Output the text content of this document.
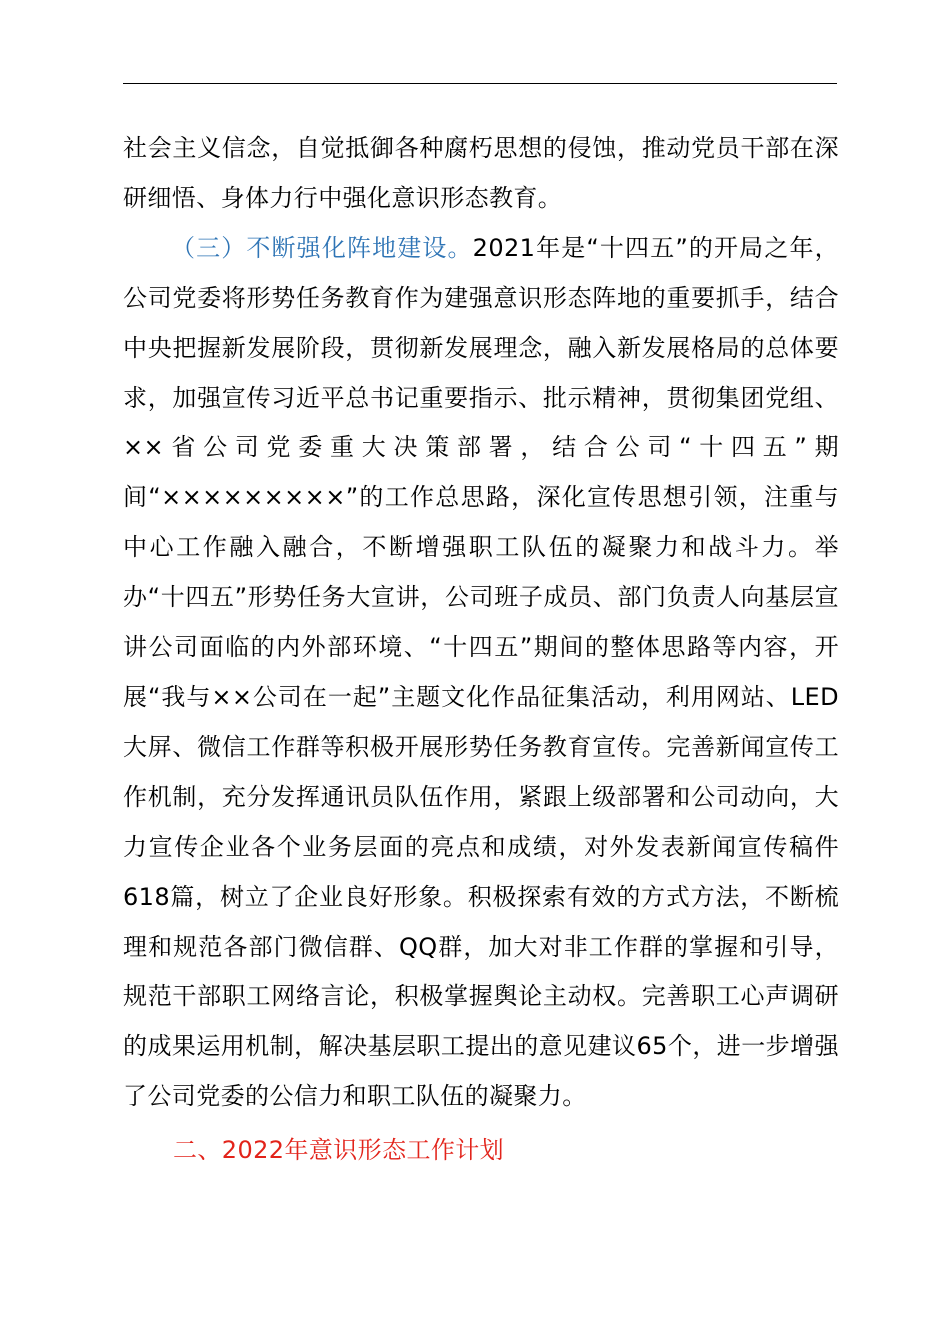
社会主义信念，自觉抵御各种腐朽思想的侵蚀，推动党员干部在深研细悟、身体力行中强化意识形态教育。

（三）不断强化阵地建设。2021年是“十四五”的开局之年，公司党委将形势任务教育作为建强意识形态阵地的重要抓手，结合中央把握新发展阶段，贯彻新发展理念，融入新发展格局的总体要求，加强宣传习近平总书记重要指示、批示精神，贯彻集团党组、××省公司党委重大决策部署，结合公司“十四五”期间“×××××××××”的工作总思路，深化宣传思想引领，注重与中心工作融入融合，不断增强职工队伍的凝聚力和战斗力。举办“十四五”形势任务大宣讲，公司班子成员、部门负责人向基层宣讲公司面临的内外部环境、“十四五”期间的整体思路等内容，开展“我与××公司在一起”主题文化作品征集活动，利用网站、LED大屏、微信工作群等积极开展形势任务教育宣传。完善新闻宣传工作机制，充分发挥通讯员队伍作用，紧跟上级部署和公司动向，大力宣传企业各个业务层面的亮点和成绩，对外发表新闻宣传稿件618篇，树立了企业良好形象。积极探索有效的方式方法，不断梳理和规范各部门微信群、QQ群，加大对非工作群的掌握和引导，规范干部职工网络言论，积极掌握舆论主动权。完善职工心声调研的成果运用机制，解决基层职工提出的意见建议65个，进一步增强了公司党委的公信力和职工队伍的凝聚力。

二、2022年意识形态工作计划
